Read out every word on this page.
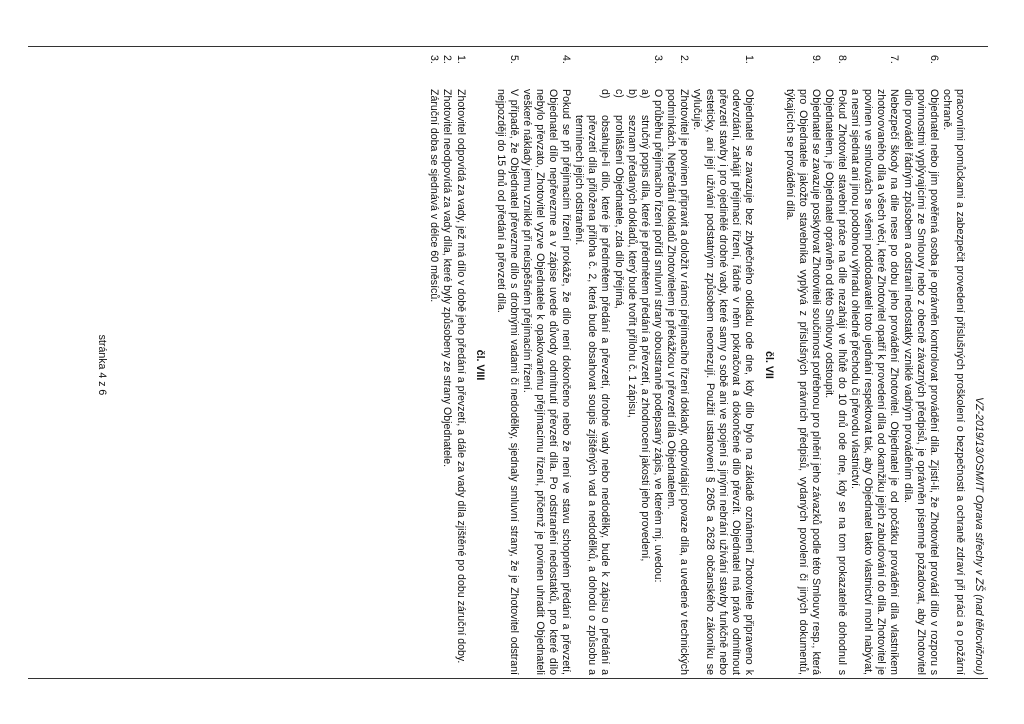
VZ-2019/13/OSM/IT Oprava střechy v ZŠ (nad tělocvičnou)
pracovními pomůckami a zabezpečit provedení příslušných proškolení o bezpečnosti a ochraně zdraví při práci a o požární ochraně.
6.
Objednatel nebo jím pověřená osoba je oprávněn kontrolovat provádění díla. Zjistí-li, že Zhotovitel provádí dílo v rozporu s povinnostmi vyplývajícími ze Smlouvy nebo z obecně závazných předpisů, je oprávněn písemně požadovat, aby Zhotovitel dílo prováděl řádným způsobem a odstranil nedostatky vzniklé vadným prováděním díla.
7.
Nebezpečí škody na díle nese po dobu jeho provádění Zhotovitel. Objednatel je od počátku provádění díla vlastníkem zhotovovaného díla a všech věcí, které Zhotovitel opatří k provedení díla od okamžiku jejich zabudování do díla. Zhotovitel je povinen ve smlouvách se všemi poddodavateli toto ujednání respektovat tak, aby Objednatel takto vlastnictví mohl nabývat, a nesmí sjednat ani jinou podobnou výhradu ohledně přechodu či převodu vlastnictví.
8.
Pokud Zhotovitel stavební práce na díle nezahájí ve lhůtě do 10 dnů ode dne, kdy se na tom prokazatelně dohodnul s Objednatelem, je Objednatel oprávněn od této Smlouvy odstoupit.
9.
Objednatel se zavazuje poskytovat Zhotoviteli součinnost potřebnou pro plnění jeho závazků podle této Smlouvy resp., která pro Objednatele jakožto stavebníka vyplývá z příslušných právních předpisů, vydaných povolení či jiných dokumentů, týkajících se provádění díla.
čl. VII
1.
Objednatel se zavazuje bez zbytečného odkladu ode dne, kdy dílo bylo na základě oznámení Zhotovitele připraveno k odevzdání, zahájit přejímací řízení, řádně v něm pokračovat a dokončené dílo převzít. Objednatel má právo odmítnout převzetí stavby i pro ojedinělé drobné vady, které samy o sobě ani ve spojení s jinými nebrání užívání stavby funkčně nebo esteticky, ani její užívání podstatným způsobem neomezují. Použití ustanovení § 2605 a 2628 občanského zákoníku se vylučuje.
2.
Zhotovitel je povinen připravit a doložit v rámci přejímacího řízení doklady, odpovídající povaze díla, a uvedené v technických podmínkách. Nepředání dokladů Zhotovitelem je překážkou v převzetí díla Objednatelem.
3.
O průběhu přejímacího řízení pořídí smluvní strany oboustranně podepsaný zápis, ve kterém mj. uvedou:
a)
stručný popis díla, které je předmětem předání a převzetí, a zhodnocení jakosti jeho provedení,
b)
seznam předaných dokladů, který bude tvořit přílohu č. 1 zápisu,
c)
prohlášení Objednatele, zda dílo přejímá,
d)
obsahuje-li dílo, které je předmětem předání a převzetí, drobné vady nebo nedodělky, bude k zápisu o předání a převzetí díla přiložena příloha č. 2, která bude obsahovat soupis zjištěných vad a nedodělků, a dohodu o způsobu a termínech jejich odstranění.
4.
Pokud se při přejímacím řízení prokáže, že dílo není dokončeno nebo že není ve stavu schopném předání a převzetí, Objednatel dílo nepřevezme a v zápise uvede důvody odmítnutí převzetí díla. Po odstranění nedostatků, pro které dílo nebylo převzato, Zhotovitel vyzve Objednatele k opakovanému přejímacímu řízení, přičemž je povinen uhradit Objednateli veškeré náklady jemu vzniklé při neúspěšném přejímacím řízení.
5.
V případě, že Objednatel převezme dílo s drobnými vadami či nedodělky, sjednaly smluvní strany, že je Zhotovitel odstraní nejpozději do 15 dnů od předání a převzetí díla.
čl. VIII
1.
Zhotovitel odpovídá za vady, jež má dílo v době jeho předání a převzetí, a dále za vady díla zjištěné po dobu záruční doby.
2.
Zhotovitel neodpovídá za vady díla, které byly způsobeny ze strany Objednatele.
3.
Záruční doba se sjednává v délce 60 měsíců.
stránka 4 z 6
